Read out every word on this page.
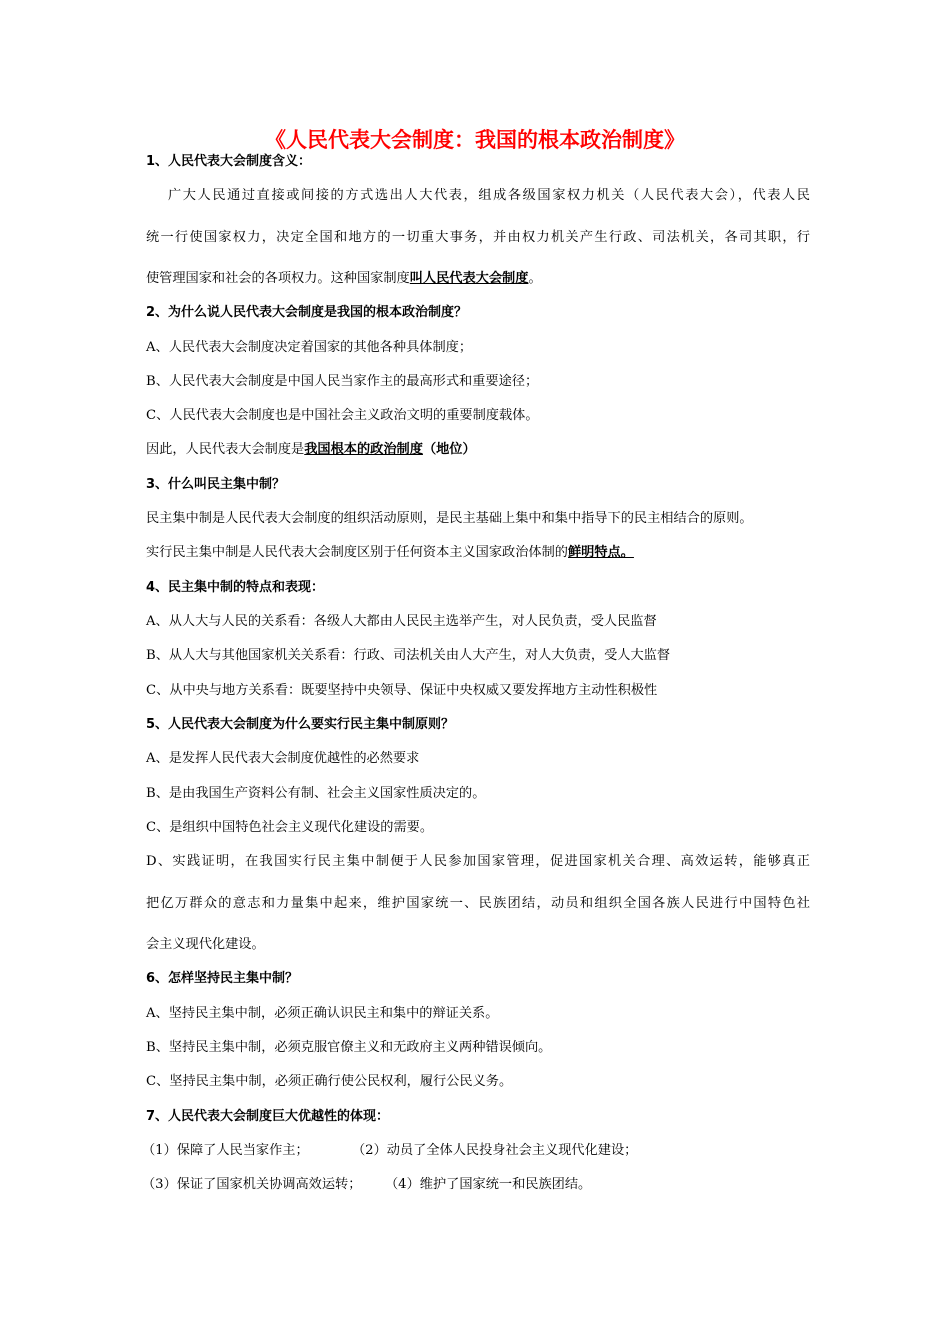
《人民代表大会制度：我国的根本政治制度》
1、人民代表大会制度含义：
广大人民通过直接或间接的方式选出人大代表，组成各级国家权力机关（人民代表大会），代表人民
统一行使国家权力，决定全国和地方的一切重大事务，并由权力机关产生行政、司法机关，各司其职，行
使管理国家和社会的各项权力。这种国家制度叫人民代表大会制度。
2、为什么说人民代表大会制度是我国的根本政治制度？
A、人民代表大会制度决定着国家的其他各种具体制度；
B、人民代表大会制度是中国人民当家作主的最高形式和重要途径；
C、人民代表大会制度也是中国社会主义政治文明的重要制度载体。
因此，人民代表大会制度是我国根本的政治制度（地位）
3、什么叫民主集中制？
民主集中制是人民代表大会制度的组织活动原则，是民主基础上集中和集中指导下的民主相结合的原则。
实行民主集中制是人民代表大会制度区别于任何资本主义国家政治体制的鲜明特点。
4、民主集中制的特点和表现：
A、从人大与人民的关系看：各级人大都由人民民主选举产生，对人民负责，受人民监督
B、从人大与其他国家机关关系看：行政、司法机关由人大产生，对人大负责，受人大监督
C、从中央与地方关系看：既要坚持中央领导、保证中央权威又要发挥地方主动性积极性
5、人民代表大会制度为什么要实行民主集中制原则？
A、是发挥人民代表大会制度优越性的必然要求
B、是由我国生产资料公有制、社会主义国家性质决定的。
C、是组织中国特色社会主义现代化建设的需要。
D、实践证明，在我国实行民主集中制便于人民参加国家管理，促进国家机关合理、高效运转，能够真正
把亿万群众的意志和力量集中起来，维护国家统一、民族团结，动员和组织全国各族人民进行中国特色社
会主义现代化建设。
6、怎样坚持民主集中制？
A、坚持民主集中制，必须正确认识民主和集中的辩证关系。
B、坚持民主集中制，必须克服官僚主义和无政府主义两种错误倾向。
C、坚持民主集中制，必须正确行使公民权利，履行公民义务。
7、人民代表大会制度巨大优越性的体现：
（1）保障了人民当家作主；	（2）动员了全体人民投身社会主义现代化建设；
（3）保证了国家机关协调高效运转；	（4）维护了国家统一和民族团结。
